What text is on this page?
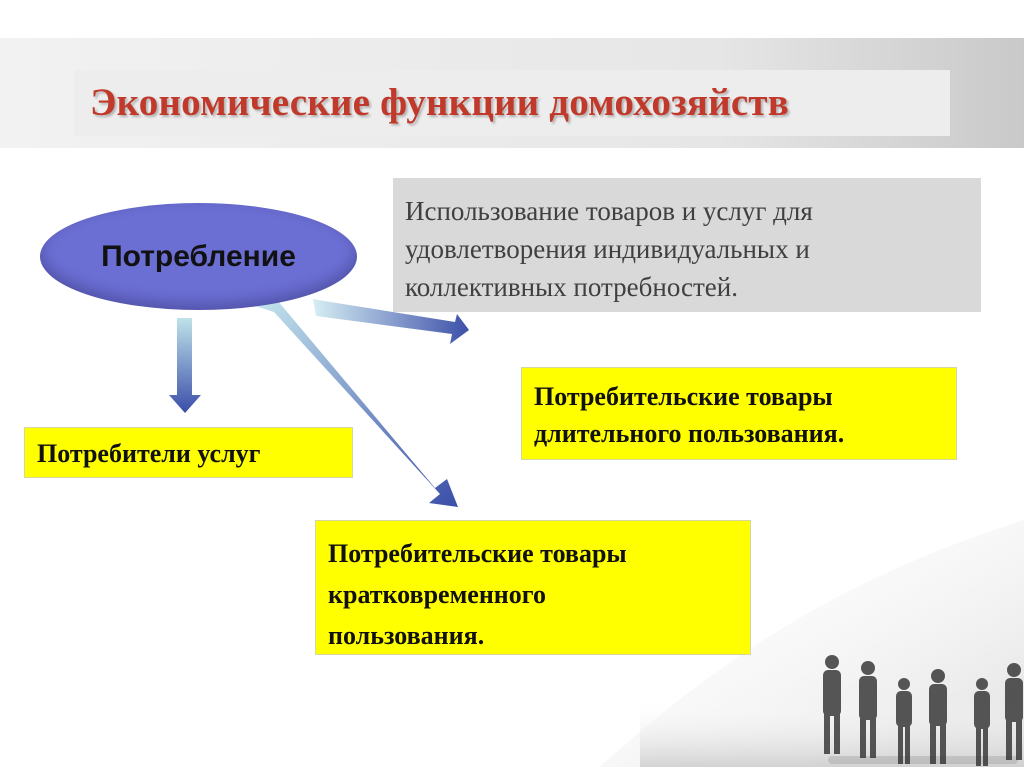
Экономические функции домохозяйств
Потребление
Использование товаров и услуг для
удовлетворения индивидуальных и
коллективных потребностей.
Потребители услуг
Потребительские товары
длительного пользования.
Потребительские товары
кратковременного
пользования.
